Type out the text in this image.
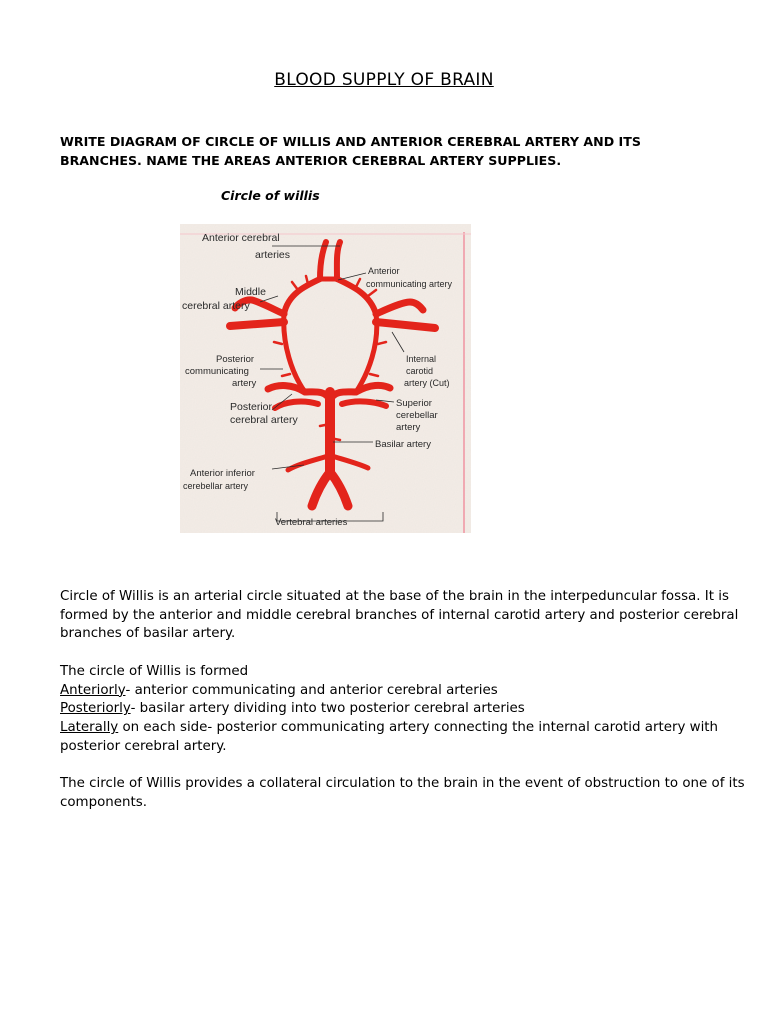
BLOOD SUPPLY OF BRAIN
WRITE DIAGRAM OF CIRCLE OF WILLIS AND ANTERIOR CEREBRAL ARTERY AND ITS
BRANCHES. NAME THE AREAS ANTERIOR CEREBRAL ARTERY SUPPLIES.
Circle of willis
Anterior cerebral
arteries
Anterior
communicating artery
Middle
cerebral artery
Posterior
communicating
artery
Internal
carotid
artery (Cut)
Posterior
cerebral artery
Superior
cerebellar
artery
Basilar artery
Anterior inferior
cerebellar artery
Vertebral arteries
Circle of Willis is an arterial circle situated at the base of the brain in the interpeduncular fossa. It is
formed by the anterior and middle cerebral branches of internal carotid artery and posterior cerebral
branches of basilar artery.
The circle of Willis is formed
Anteriorly- anterior communicating and anterior cerebral arteries
Posteriorly- basilar artery dividing into two posterior cerebral arteries
Laterally on each side- posterior communicating artery connecting the internal carotid artery with
posterior cerebral artery.
The circle of Willis provides a collateral circulation to the brain in the event of obstruction to one of its
components.
